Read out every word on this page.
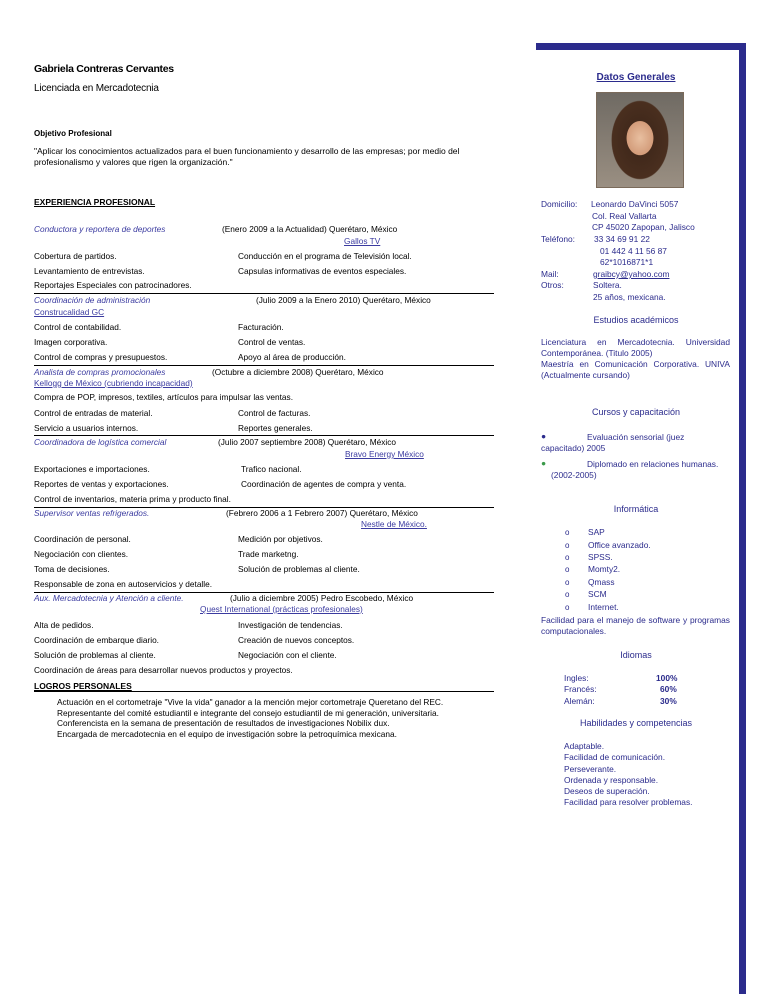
Gabriela Contreras Cervantes
Licenciada en Mercadotecnia
Objetivo Profesional
"Aplicar los conocimientos actualizados para el buen funcionamiento y desarrollo de las empresas; por medio del profesionalismo y valores que rigen la organización."
EXPERIENCIA PROFESIONAL
Conductora y reportera de deportes	(Enero 2009 a la Actualidad) Querétaro, México
Gallos TV
Cobertura de partidos.	Conducción en el programa de Televisión local.
Levantamiento de entrevistas.	Capsulas informativas de eventos especiales.
Reportajes Especiales con patrocinadores.
Coordinación de administración	(Julio 2009 a la Enero 2010) Querétaro, México
Construcalidad GC
Control de contabilidad.	Facturación.
Imagen corporativa.	Control de ventas.
Control de compras y presupuestos.	Apoyo al área de producción.
Analista de compras promocionales	(Octubre a diciembre 2008) Querétaro, México
Kellogg de México (cubriendo incapacidad)
Compra de POP, impresos, textiles, artículos para impulsar las ventas.
Control de entradas de material.	Control de facturas.
Servicio a usuarios internos.	Reportes generales.
Coordinadora de logística comercial	(Julio 2007 septiembre 2008) Querétaro, México
Bravo Energy México
Exportaciones e importaciones.	Trafico nacional.
Reportes de ventas y exportaciones.	Coordinación de agentes de compra y venta.
Control de inventarios, materia prima y producto final.
Supervisor ventas refrigerados.	(Febrero 2006 a 1 Febrero 2007) Querétaro, México
Nestle de México.
Coordinación de personal.	Medición por objetivos.
Negociación con clientes.	Trade marketng.
Toma de decisiones.	Solución de problemas al cliente.
Responsable de zona en autoservicios y detalle.
Aux. Mercadotecnia y Atención a cliente.	(Julio a diciembre 2005) Pedro Escobedo, México
Quest International (prácticas profesionales)
Alta de pedidos.	Investigación de tendencias.
Coordinación de embarque diario.	Creación de nuevos conceptos.
Solución de problemas al cliente.	Negociación con el cliente.
Coordinación de áreas para desarrollar nuevos productos y proyectos.
LOGROS PERSONALES
Actuación en el cortometraje "Vive la vida" ganador a la mención mejor cortometraje Queretano del REC.
Representante del comité estudiantil e integrante del consejo estudiantil de mi generación, universitaria.
Conferencista en la semana de presentación de resultados de investigaciones Nobilix dux.
Encargada de mercadotecnia en el equipo de investigación sobre la petroquímica mexicana.
Datos Generales
Domicilio: Leonardo DaVinci 5057
Col. Real Vallarta
CP 45020 Zapopan, Jalisco
Teléfono: 33 34 69 91 22
01 442 4 11 56 87
62*1016871*1
Mail:	graibcy@yahoo.com
Otros:	Soltera.
25 años, mexicana.
Estudios académicos
Licenciatura en Mercadotecnia. Universidad Contemporánea. (Titulo 2005)
Maestría en Comunicación Corporativa. UNIVA (Actualmente cursando)
Cursos y capacitación
●	Evaluación sensorial (juez capacitado) 2005
●	Diplomado en relaciones humanas. (2002-2005)
Informática
o SAP
o Office avanzado.
o SPSS.
o Momty2.
o Qmass
o SCM
o Internet.
Facilidad para el manejo de software y programas computacionales.
Idiomas
Ingles:	100%
Francés:	60%
Alemán:	30%
Habilidades y competencias
Adaptable.
Facilidad de comunicación.
Perseverante.
Ordenada y responsable.
Deseos de superación.
Facilidad para resolver problemas.
